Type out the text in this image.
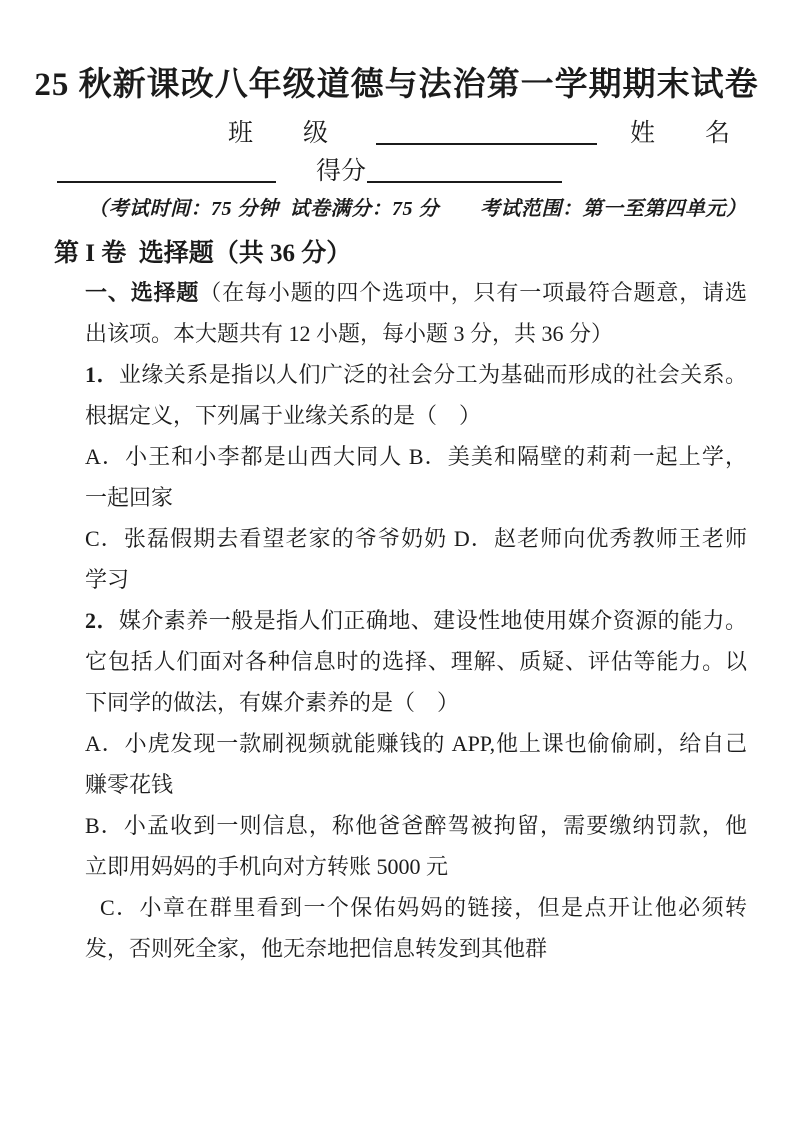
25 秋新课改八年级道德与法治第一学期期末试卷
班　　级	姓　　名
得分
（考试时间：75 分钟  试卷满分：75 分　　考试范围：第一至第四单元）
第 I 卷  选择题（共 36 分）
一、选择题（在每小题的四个选项中，只有一项最符合题意，请选
出该项。本大题共有 12 小题，每小题 3 分，共 36 分）
1．业缘关系是指以人们广泛的社会分工为基础而形成的社会关系。
根据定义，下列属于业缘关系的是（　）
A．小王和小李都是山西大同人 B．美美和隔壁的莉莉一起上学，
一起回家
C．张磊假期去看望老家的爷爷奶奶 D．赵老师向优秀教师王老师
学习
2．媒介素养一般是指人们正确地、建设性地使用媒介资源的能力。
它包括人们面对各种信息时的选择、理解、质疑、评估等能力。以
下同学的做法，有媒介素养的是（　）
A．小虎发现一款刷视频就能赚钱的 APP,他上课也偷偷刷，给自己
赚零花钱
B．小孟收到一则信息，称他爸爸醉驾被拘留，需要缴纳罚款，他
立即用妈妈的手机向对方转账 5000 元
C．小章在群里看到一个保佑妈妈的链接，但是点开让他必须转
发，否则死全家，他无奈地把信息转发到其他群
